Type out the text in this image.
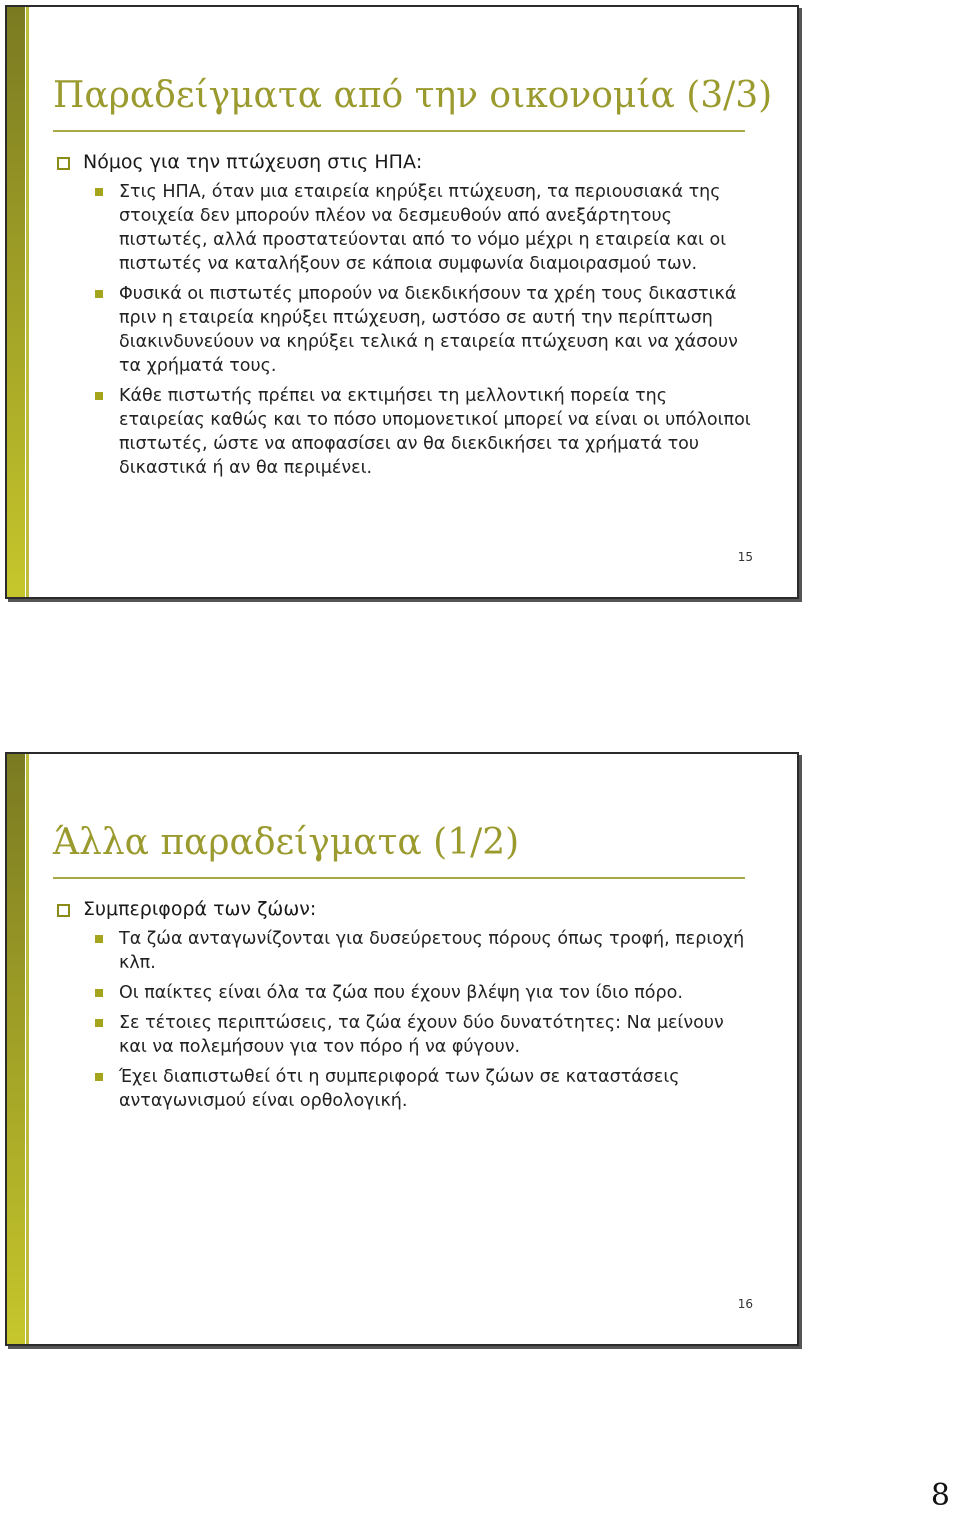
Παραδείγματα από την οικονομία (3/3)
Νόμος για την πτώχευση στις ΗΠΑ:
Στις ΗΠΑ, όταν μια εταιρεία κηρύξει πτώχευση, τα περιουσιακά της στοιχεία δεν μπορούν πλέον να δεσμευθούν από ανεξάρτητους πιστωτές, αλλά προστατεύονται από το νόμο μέχρι η εταιρεία και οι πιστωτές να καταλήξουν σε κάποια συμφωνία διαμοιρασμού των.
Φυσικά οι πιστωτές μπορούν να διεκδικήσουν τα χρέη τους δικαστικά πριν η εταιρεία κηρύξει πτώχευση, ωστόσο σε αυτή την περίπτωση διακινδυνεύουν να κηρύξει τελικά η εταιρεία πτώχευση και να χάσουν τα χρήματά τους.
Κάθε πιστωτής πρέπει να εκτιμήσει τη μελλοντική πορεία της εταιρείας καθώς και το πόσο υπομονετικοί μπορεί να είναι οι υπόλοιποι πιστωτές, ώστε να αποφασίσει αν θα διεκδικήσει τα χρήματά του δικαστικά ή αν θα περιμένει.
15
Άλλα παραδείγματα (1/2)
Συμπεριφορά των ζώων:
Τα ζώα ανταγωνίζονται για δυσεύρετους πόρους όπως τροφή, περιοχή κλπ.
Οι παίκτες είναι όλα τα ζώα που έχουν βλέψη για τον ίδιο πόρο.
Σε τέτοιες περιπτώσεις, τα ζώα έχουν δύο δυνατότητες: Να μείνουν και να πολεμήσουν για τον πόρο ή να φύγουν.
Έχει διαπιστωθεί ότι η συμπεριφορά των ζώων σε καταστάσεις ανταγωνισμού είναι ορθολογική.
16
8
